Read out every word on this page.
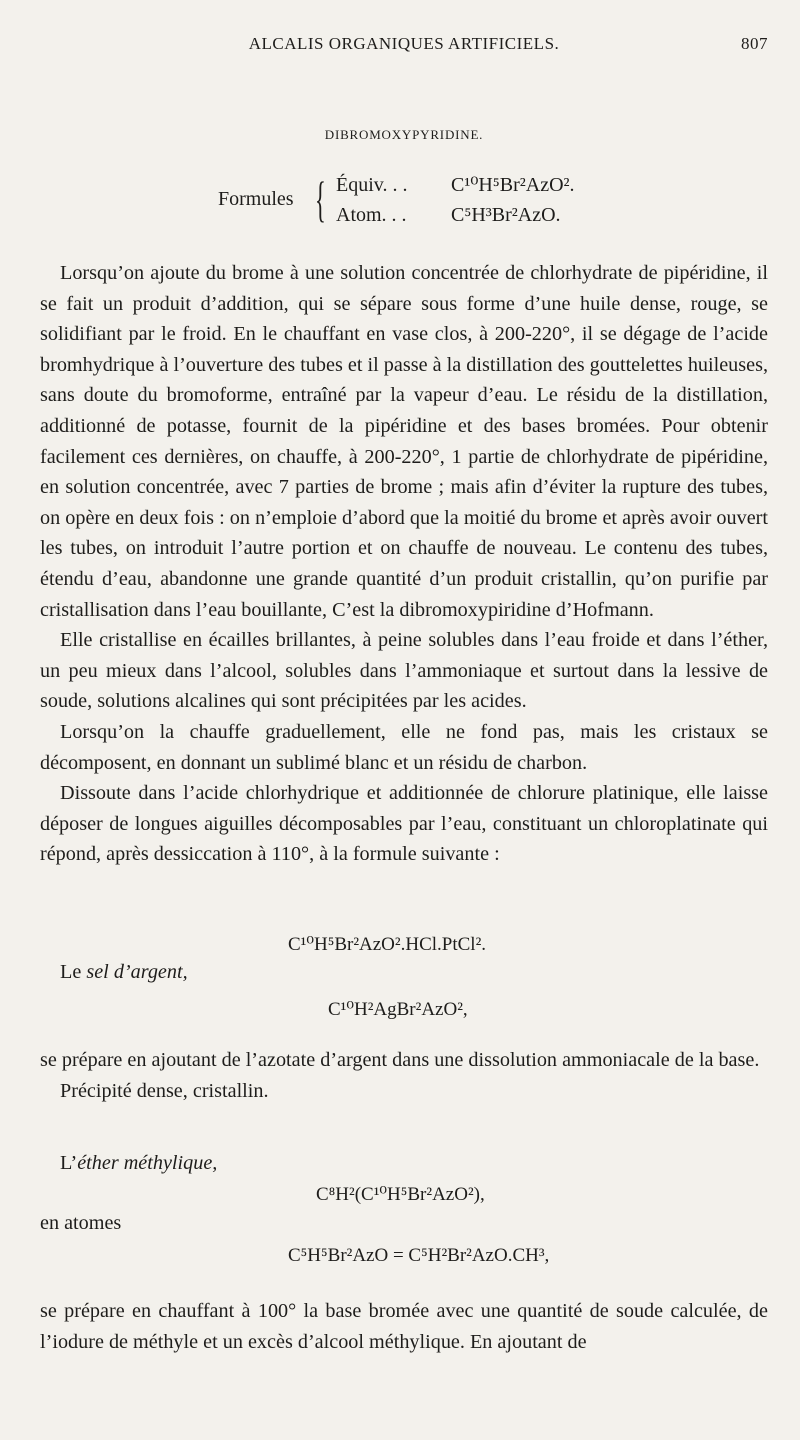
ALCALIS ORGANIQUES ARTIFICIELS.	807
DIBROMOXYPYRIDINE.
Formules { Équiv. . . C¹⁰H⁵Br²AzO².
Atom. . . C⁵H³Br²AzO.

Lorsqu’on ajoute du brome à une solution concentrée de chlorhydrate de pipéridine, il se fait un produit d’addition, qui se sépare sous forme d’une huile dense, rouge, se solidifiant par le froid. En le chauffant en vase clos, à 200-220°, il se dégage de l’acide bromhydrique à l’ouverture des tubes et il passe à la distillation des gouttelettes huileuses, sans doute du bromoforme, entraîné par la vapeur d’eau. Le résidu de la distillation, additionné de potasse, fournit de la pipéridine et des bases bromées. Pour obtenir facilement ces dernières, on chauffe, à 200-220°, 1 partie de chlorhydrate de pipéridine, en solution concentrée, avec 7 parties de brome ; mais afin d’éviter la rupture des tubes, on opère en deux fois : on n’emploie d’abord que la moitié du brome et après avoir ouvert les tubes, on introduit l’autre portion et on chauffe de nouveau. Le contenu des tubes, étendu d’eau, abandonne une grande quantité d’un produit cristallin, qu’on purifie par cristallisation dans l’eau bouillante, C’est la dibromoxypiridine d’Hofmann.

Elle cristallise en écailles brillantes, à peine solubles dans l’eau froide et dans l’éther, un peu mieux dans l’alcool, solubles dans l’ammoniaque et surtout dans la lessive de soude, solutions alcalines qui sont précipitées par les acides.

Lorsqu’on la chauffe graduellement, elle ne fond pas, mais les cristaux se décomposent, en donnant un sublimé blanc et un résidu de charbon.

Dissoute dans l’acide chlorhydrique et additionnée de chlorure platinique, elle laisse déposer de longues aiguilles décomposables par l’eau, constituant un chloroplatinate qui répond, après dessiccation à 110°, à la formule suivante :

C¹⁰H⁵Br²AzO².HCl.PtCl².
Le sel d’argent,
C¹⁰H²AgBr²AzO²,

se prépare en ajoutant de l’azotate d’argent dans une dissolution ammoniacale de la base.

Précipité dense, cristallin.

L’éther méthylique,
C⁸H²(C¹⁰H⁵Br²AzO²),
en atomes
C⁵H⁵Br²AzO = C⁵H²Br²AzO.CH³,

se prépare en chauffant à 100° la base bromée avec une quantité de soude calculée, de l’iodure de méthyle et un excès d’alcool méthylique. En ajoutant de
